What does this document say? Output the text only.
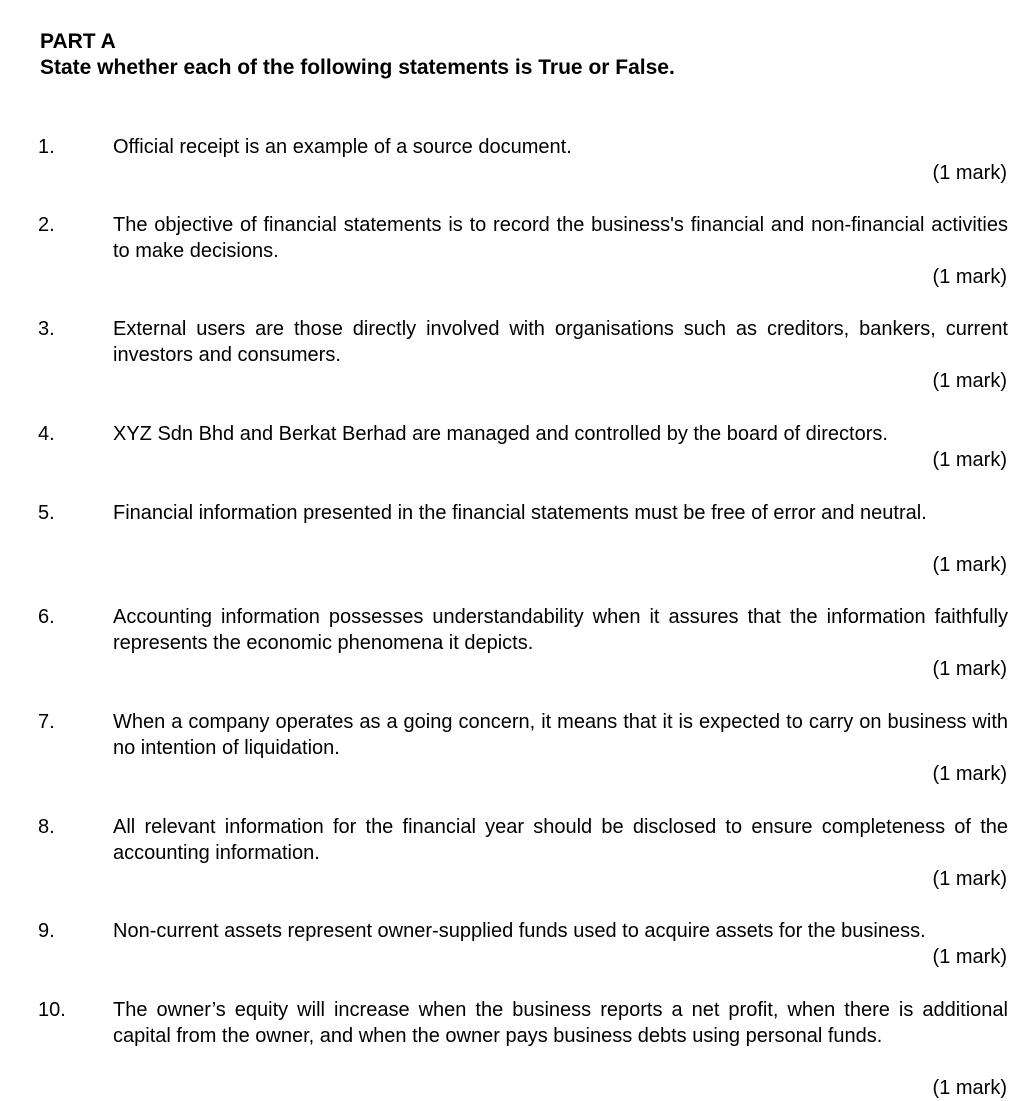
PART A
State whether each of the following statements is True or False.
1.	Official receipt is an example of a source document.
(1 mark)
2.	The objective of financial statements is to record the business's financial and non-financial activities to make decisions.
(1 mark)
3.	External users are those directly involved with organisations such as creditors, bankers, current investors and consumers.
(1 mark)
4.	XYZ Sdn Bhd and Berkat Berhad are managed and controlled by the board of directors.
(1 mark)
5.	Financial information presented in the financial statements must be free of error and neutral.
(1 mark)
6.	Accounting information possesses understandability when it assures that the information faithfully represents the economic phenomena it depicts.
(1 mark)
7.	When a company operates as a going concern, it means that it is expected to carry on business with no intention of liquidation.
(1 mark)
8.	All relevant information for the financial year should be disclosed to ensure completeness of the accounting information.
(1 mark)
9.	Non-current assets represent owner-supplied funds used to acquire assets for the business.
(1 mark)
10. The owner’s equity will increase when the business reports a net profit, when there is additional capital from the owner, and when the owner pays business debts using personal funds.
(1 mark)
